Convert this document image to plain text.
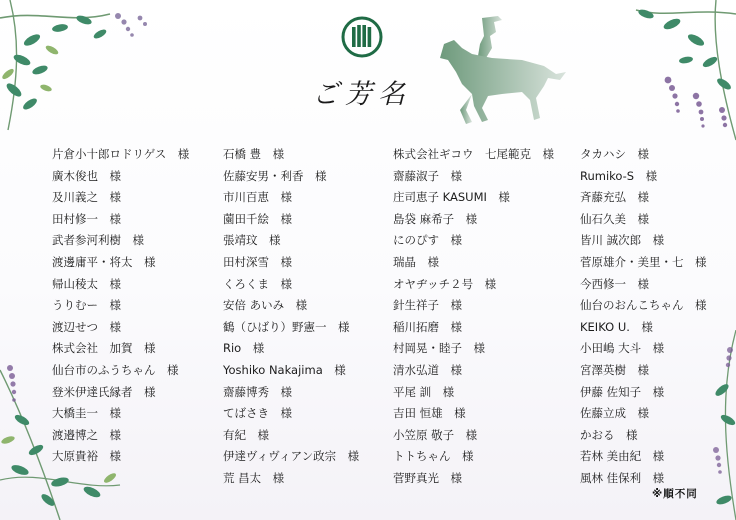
ご芳名
片倉小十郎ロドリゲス　様
廣木俊也　様
及川義之　様
田村修一　様
武者参河利樹　様
渡邊庸平・将太　様
帰山稜太　様
うりむー　様
渡辺せつ　様
株式会社　加賀　様
仙台市のふうちゃん　様
登米伊達氏縁者　様
大橋圭一　様
渡邉博之　様
大原貴裕　様
石橋 豊　様
佐藤安男・利香　様
市川百恵　様
薗田千絵　様
張靖玟　様
田村深雪　様
くろくま　様
安倍 あいみ　様
鶴（ひばり）野憲一　様
Rio　様
Yoshiko Nakajima　様
齋藤博秀　様
てばさき　様
有紀　様
伊達ヴィヴィアン政宗　様
荒 昌太　様
株式会社ギコウ　七尾範克　様
齋藤淑子　様
庄司恵子 KASUMI　様
島袋 麻希子　様
にのぴす　様
瑞晶　様
オヤヂッチ２号　様
針生祥子　様
稲川拓磨　様
村岡晃・睦子　様
清水弘道　様
平尾 訓　様
吉田 恒雄　様
小笠原 敬子　様
トトちゃん　様
菅野真光　様
タカハシ　様
Rumiko-S　様
斉藤充弘　様
仙石久美　様
皆川 誠次郎　様
菅原雄介・美里・七　様
今西修一　様
仙台のおんこちゃん　様
KEIKO U.　様
小田嶋 大斗　様
宮澤英樹　様
伊藤 佐知子　様
佐藤立成　様
かおる　様
若林 美由紀　様
風林 佳保利　様
※順不同
